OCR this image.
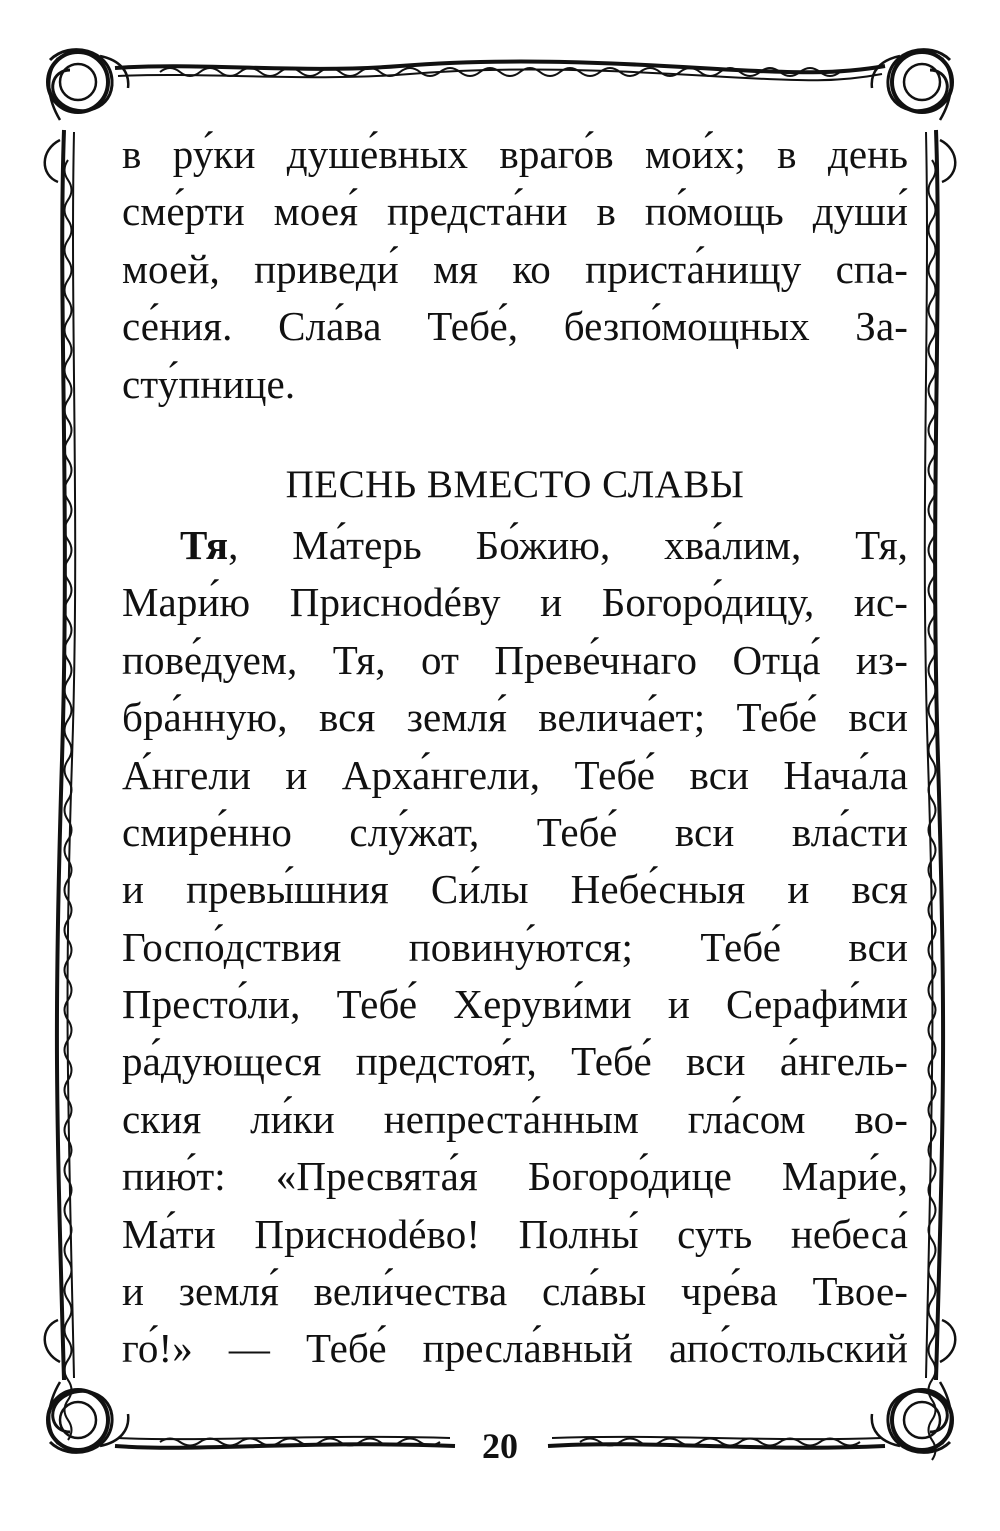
в ру́ки душе́вных враго́в мои́х; в день
сме́рти моея́ предста́ни в по́мощь души́
моей, приведи́ мя ко приста́нищу спа-
се́ния. Сла́ва Тебе́, безпо́мощных За-
сту́пнице.
ПЕСНЬ ВМЕСТО СЛАВЫ
Тя, Ма́терь Бо́жию, хва́лим, Тя,
Мари́ю Приснodéву и Богоро́дицу, ис-
пове́дуем, Тя, от Преве́чнаго Отца́ из-
бра́нную, вся земля́ велича́ет; Тебе́ вси
А́нгели и Арха́нгели, Тебе́ вси Нача́ла
смире́нно слу́жат, Тебе́ вси вла́сти
и превы́шния Си́лы Небе́сныя и вся
Госпо́дствия повину́ются; Тебе́ вси
Престо́ли, Тебе́ Херуви́ми и Серафи́ми
ра́дующеся предстоя́т, Тебе́ вси а́нгель-
ския ли́ки непреста́нным гла́сом во-
пию́т: «Пресвята́я Богоро́дице Мари́е,
Ма́ти Приснodéво! Полны́ суть небеса́
и земля́ вели́чества сла́вы чре́ва Твое-
го́!» — Тебе́ пресла́вный апо́стольский
20
